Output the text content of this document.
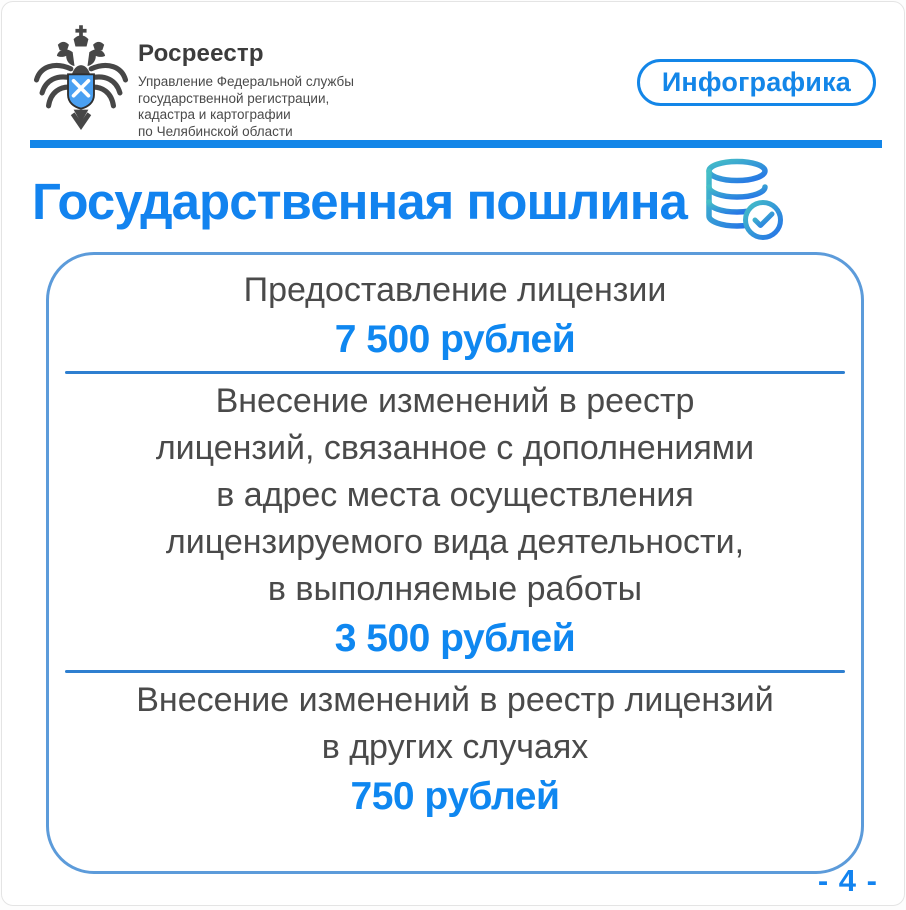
Росреестр
Управление Федеральной службы
государственной регистрации,
кадастра и картографии
по Челябинской области
Инфографика
Государственная пошлина
Предоставление лицензии
7 500 рублей
Внесение изменений в реестр
лицензий, связанное с дополнениями
в адрес места осуществления
лицензируемого вида деятельности,
в выполняемые работы
3 500 рублей
Внесение изменений в реестр лицензий
в других случаях
750 рублей
- 4 -
